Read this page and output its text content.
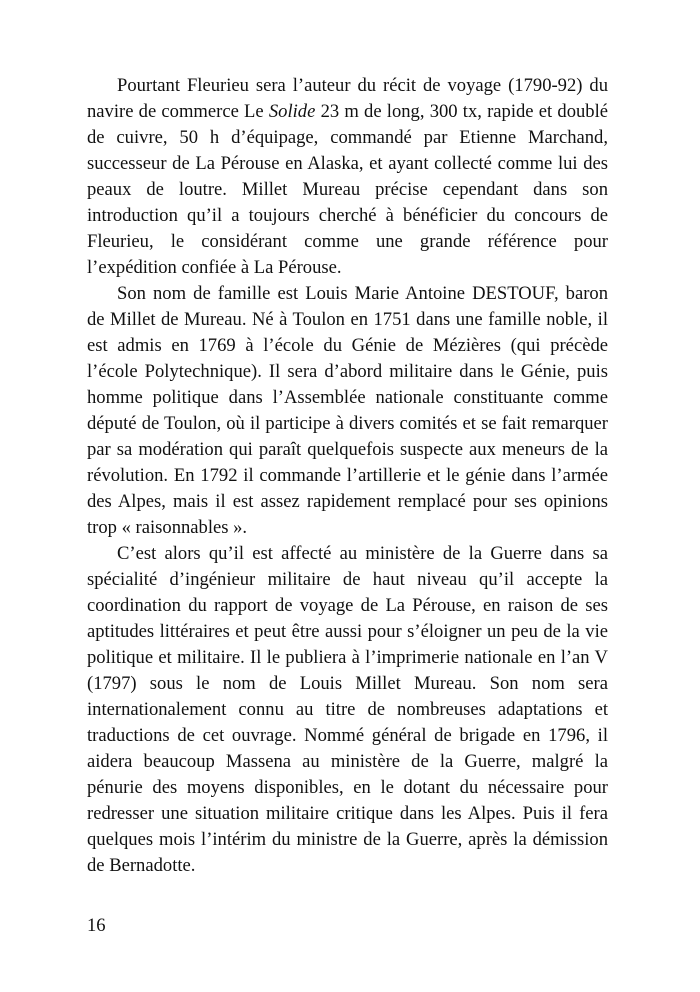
Pourtant Fleurieu sera l’auteur du récit de voyage (1790-92) du navire de commerce Le Solide 23 m de long, 300 tx, rapide et doublé de cuivre, 50 h d’équipage, commandé par Etienne Marchand, successeur de La Pérouse en Alaska, et ayant collecté comme lui des peaux de loutre. Millet Mureau précise cependant dans son introduction qu’il a toujours cherché à bénéficier du concours de Fleurieu, le considérant comme une grande référence pour l’expédition confiée à La Pérouse.

Son nom de famille est Louis Marie Antoine DESTOUF, baron de Millet de Mureau. Né à Toulon en 1751 dans une famille noble, il est admis en 1769 à l’école du Génie de Mézières (qui précède l’école Polytechnique). Il sera d’abord militaire dans le Génie, puis homme politique dans l’Assemblée nationale constituante comme député de Toulon, où il participe à divers comités et se fait remarquer par sa modération qui paraît quelquefois suspecte aux meneurs de la révolution. En 1792 il commande l’artillerie et le génie dans l’armée des Alpes, mais il est assez rapidement remplacé pour ses opinions trop « raisonnables ».

C’est alors qu’il est affecté au ministère de la Guerre dans sa spécialité d’ingénieur militaire de haut niveau qu’il accepte la coordination du rapport de voyage de La Pérouse, en raison de ses aptitudes littéraires et peut être aussi pour s’éloigner un peu de la vie politique et militaire. Il le publiera à l’imprimerie nationale en l’an V (1797) sous le nom de Louis Millet Mureau. Son nom sera internationalement connu au titre de nombreuses adaptations et traductions de cet ouvrage. Nommé général de brigade en 1796, il aidera beaucoup Massena au ministère de la Guerre, malgré la pénurie des moyens disponibles, en le dotant du nécessaire pour redresser une situation militaire critique dans les Alpes. Puis il fera quelques mois l’intérim du ministre de la Guerre, après la démission de Bernadotte.

16
